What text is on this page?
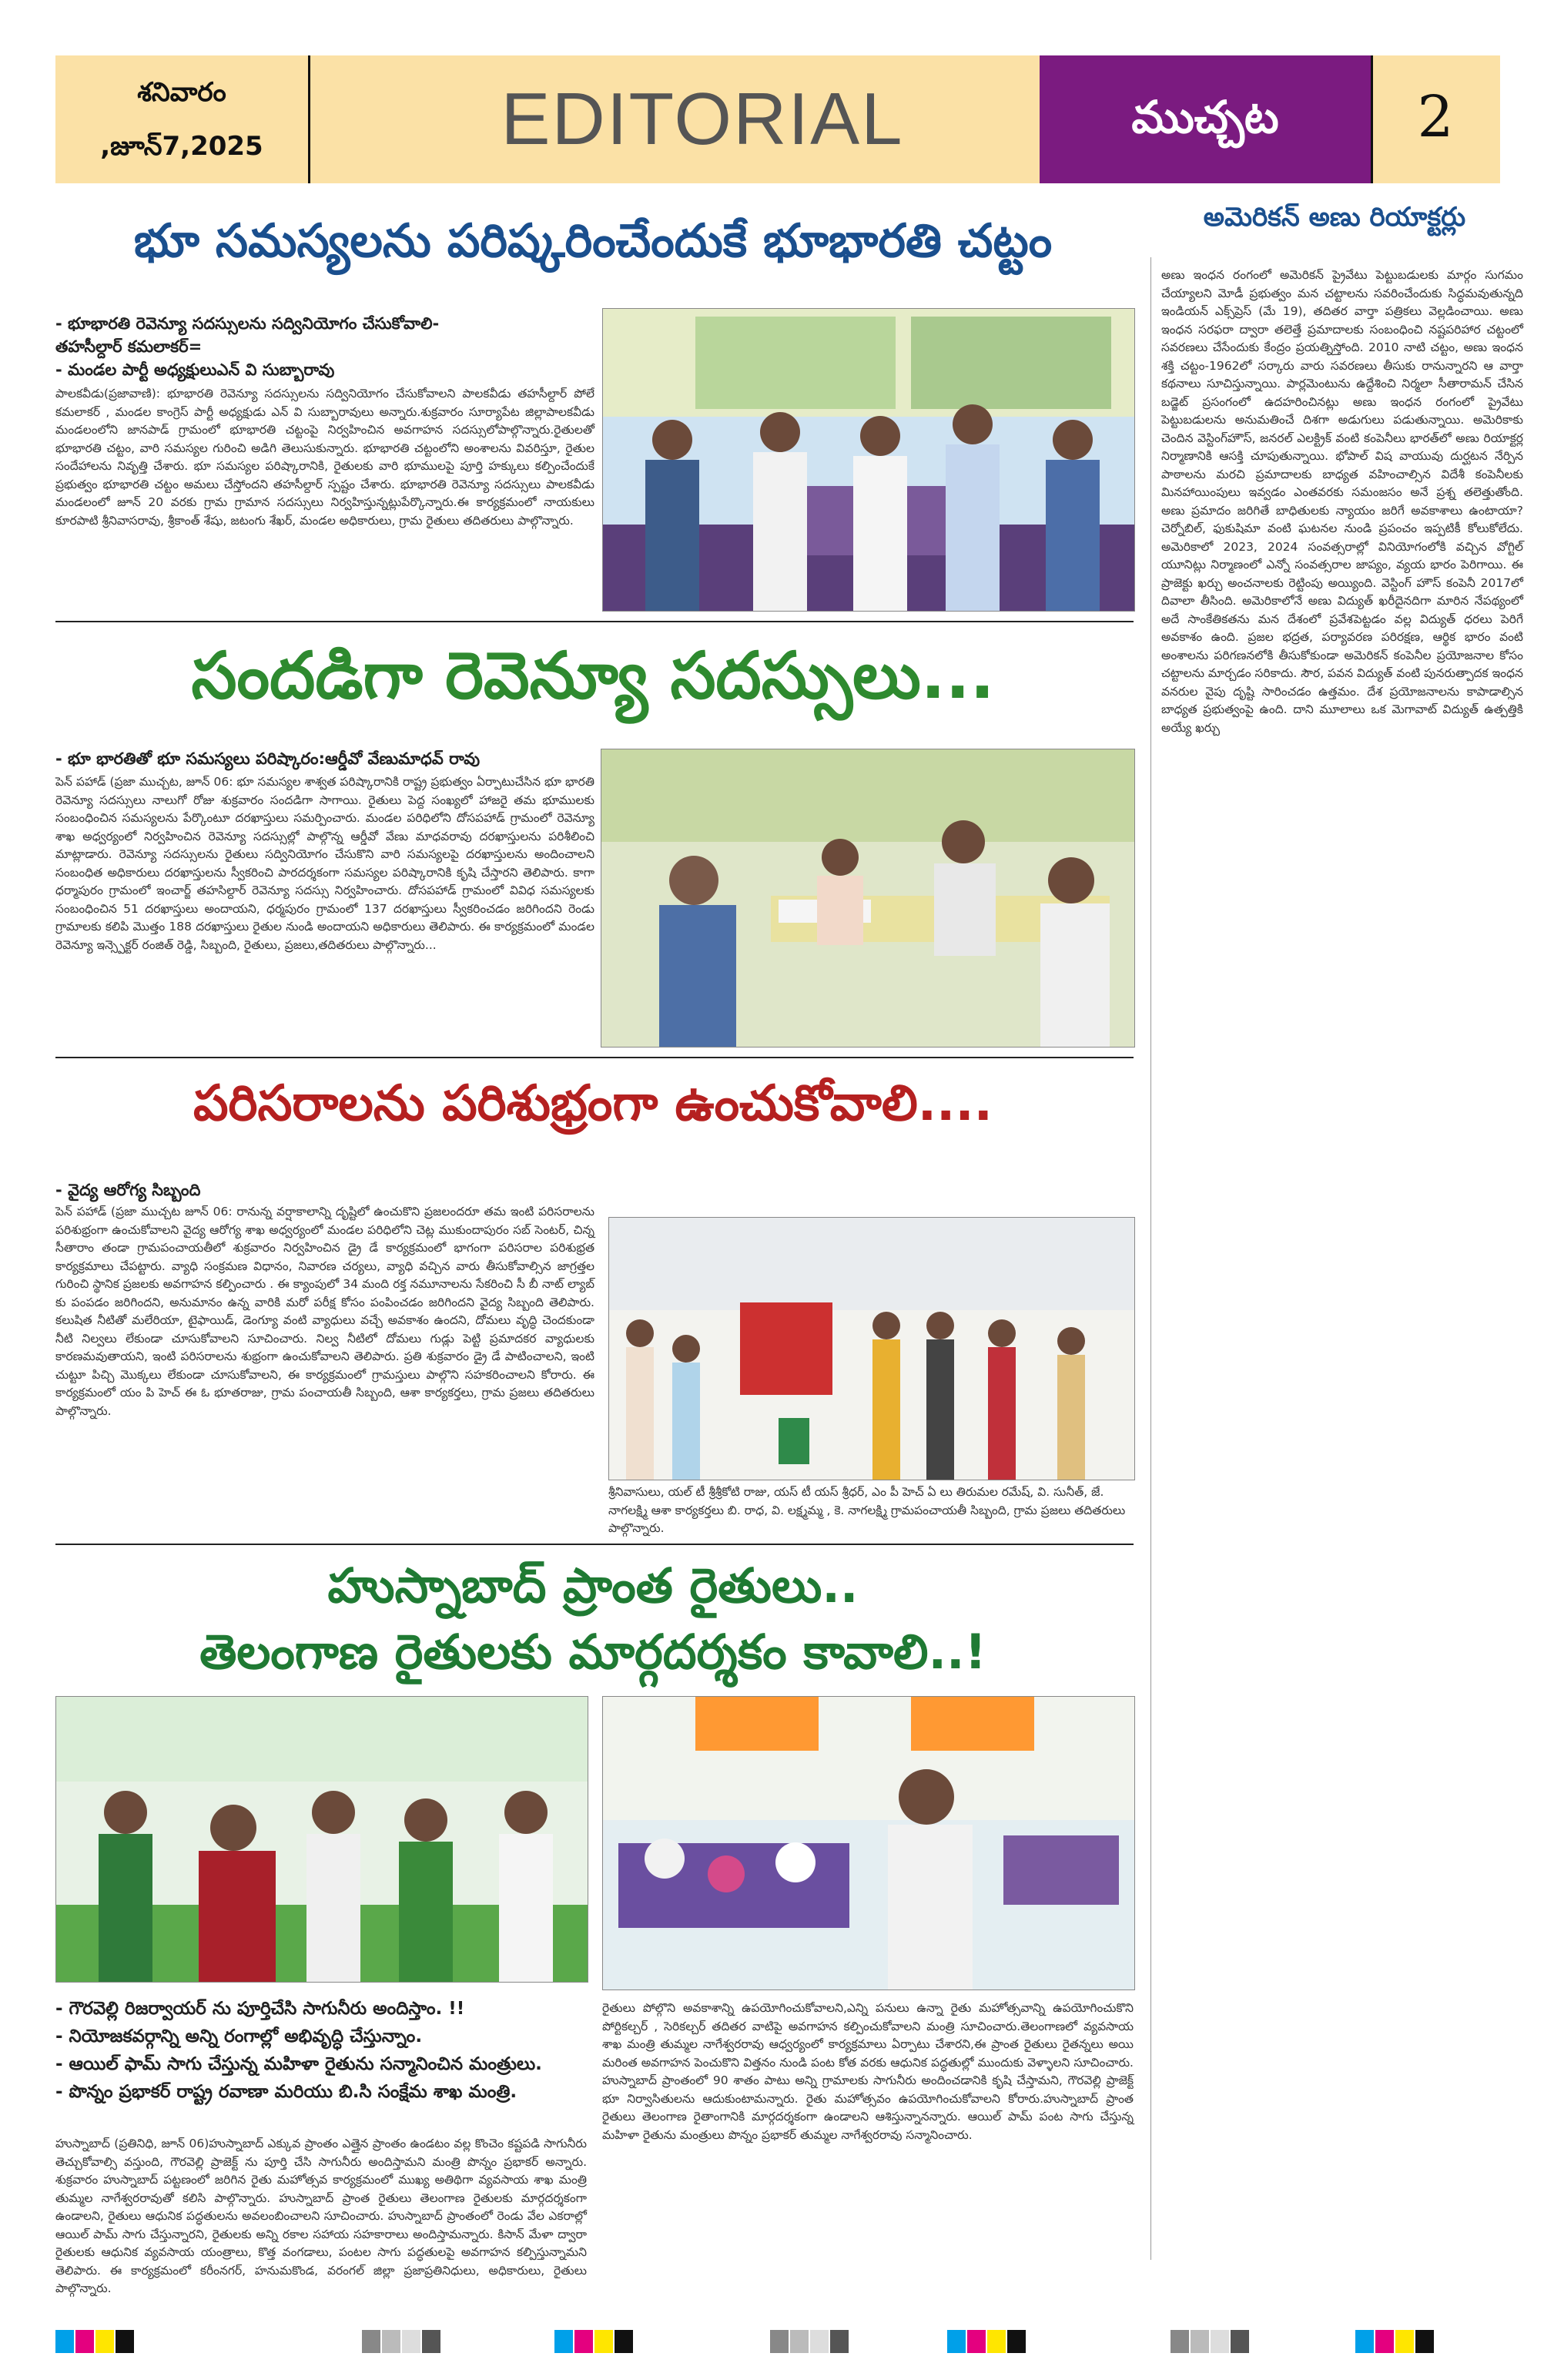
శనివారం
,జూన్7,2025	EDITORIAL	ముచ్చట	2
భూ సమస్యలను పరిష్కరించేందుకే భూభారతి చట్టం
- భూభారతి రెవెన్యూ సదస్సులను సద్వినియోగం చేసుకోవాలి-
తహసీల్దార్ కమలాకర్=
- మండల పార్టీ అధ్యక్షులుఎన్ వి సుబ్బారావు
పాలకవీడు(ప్రజావాణి): భూభారతి రెవెన్యూ సదస్సులను సద్వినియోగం చేసుకోవాలని పాలకవీడు తహసీల్దార్ పోలే కమలాకర్ , మండల కాంగ్రెస్ పార్టీ అధ్యక్షుడు ఎన్ వి సుబ్బారావులు అన్నారు.శుక్రవారం సూర్యాపేట జిల్లాపాలకవీడు మండలంలోని జానపాడ్ గ్రామంలో భూభారతి చట్టంపై నిర్వహించిన అవగాహన సదస్సులోపాల్గొన్నారు.రైతులతో భూభారతి చట్టం, వారి సమస్యల గురించి అడిగి తెలుసుకున్నారు. భూభారతి చట్టంలోని అంశాలను వివరిస్తూ, రైతుల సందేహాలను నివృత్తి చేశారు. భూ సమస్యల పరిష్కారానికి, రైతులకు వారి భూములపై పూర్తి హక్కులు కల్పించేందుకే ప్రభుత్వం భూభారతి చట్టం అమలు చేస్తోందని తహసీల్దార్ స్పష్టం చేశారు. భూభారతి రెవెన్యూ సదస్సులు పాలకవీడు మండలంలో జూన్ 20 వరకు గ్రామ గ్రామాన సదస్సులు నిర్వహిస్తున్నట్లుపేర్కొన్నారు.ఈ కార్యక్రమంలో నాయకులు కూరపాటి శ్రీనివాసరావు, శ్రీకాంత్ శేషు, జటంగు శేఖర్, మండల అధికారులు, గ్రామ రైతులు తదితరులు పాల్గొన్నారు.
సందడిగా రెవెన్యూ సదస్సులు...
- భూ భారతితో భూ సమస్యలు పరిష్కారం:ఆర్డీవో వేణుమాధవ్ రావు
పెన్ పహాడ్ (ప్రజా ముచ్చట, జూన్ 06: భూ సమస్యల శాశ్వత పరిష్కారానికి రాష్ట్ర ప్రభుత్వం ఏర్పాటుచేసిన భూ భారతి రెవెన్యూ సదస్సులు నాలుగో రోజు శుక్రవారం సందడిగా సాగాయి. రైతులు పెద్ద సంఖ్యలో హాజరై తమ భూములకు సంబంధించిన సమస్యలను పేర్కొంటూ దరఖాస్తులు సమర్పించారు. మండల పరిధిలోని దోసపహాడ్ గ్రామంలో రెవెన్యూ శాఖ అధ్వర్యంలో నిర్వహించిన రెవెన్యూ సదస్సుల్లో పాల్గొన్న ఆర్డీవో వేణు మాధవరావు దరఖాస్తులను పరిశీలించి మాట్లాడారు. రెవెన్యూ సదస్సులను రైతులు సద్వినియోగం చేసుకొని వారి సమస్యలపై దరఖాస్తులను అందించాలని సంబంధిత అధికారులు దరఖాస్తులను స్వీకరించి పారదర్శకంగా సమస్యల పరిష్కారానికి కృషి చేస్తారని తెలిపారు. కాగా ధర్మాపురం గ్రామంలో ఇంచార్జ్ తహసిల్దార్ రెవెన్యూ సదస్సు నిర్వహించారు. దోసపహాడ్ గ్రామంలో వివిధ సమస్యలకు సంబంధించిన 51 దరఖాస్తులు అందాయని, ధర్మపురం గ్రామంలో 137 దరఖాస్తులు స్వీకరించడం జరిగిందని రెండు గ్రామాలకు కలిపి మొత్తం 188 దరఖాస్తులు రైతుల నుండి అందాయని అధికారులు తెలిపారు. ఈ కార్యక్రమంలో మండల రెవెన్యూ ఇన్స్పెక్టర్ రంజిత్ రెడ్డి, సిబ్బంది, రైతులు, ప్రజలు,తదితరులు పాల్గొన్నారు...
పరిసరాలను పరిశుభ్రంగా ఉంచుకోవాలి....
- వైద్య ఆరోగ్య సిబ్బంది
పెన్ పహాడ్ (ప్రజా ముచ్చట జూన్ 06: రానున్న వర్షాకాలాన్ని దృష్టిలో ఉంచుకొని ప్రజలందరూ తమ ఇంటి పరిసరాలను పరిశుభ్రంగా ఉంచుకోవాలని వైద్య ఆరోగ్య శాఖ అధ్వర్యంలో మండల పరిధిలోని చెట్ల ముకుందాపురం సబ్ సెంటర్, చిన్న సీతారాం తండా గ్రామపంచాయతీలో శుక్రవారం నిర్వహించిన డ్రై డే కార్యక్రమంలో భాగంగా పరిసరాల పరిశుభ్రత కార్యక్రమాలు చేపట్టారు. వ్యాధి సంక్రమణ విధానం, నివారణ చర్యలు, వ్యాధి వచ్చిన వారు తీసుకోవాల్సిన జాగ్రత్తల గురించి స్థానిక ప్రజలకు అవగాహన కల్పించారు . ఈ క్యాంపులో 34 మంది రక్త నమూనాలను సేకరించి సీ బీ నాట్ ల్యాబ్ కు పంపడం జరిగిందని, అనుమానం ఉన్న వారికి మరో పరీక్ష కోసం పంపించడం జరిగిందని వైద్య సిబ్బంది తెలిపారు. కలుషిత నీటితో మలేరియా, టైఫాయిడ్, డెంగ్యూ వంటి వ్యాధులు వచ్చే అవకాశం ఉందని, దోమలు వృద్ధి చెందకుండా నీటి నిల్వలు లేకుండా చూసుకోవాలని సూచించారు. నిల్వ నీటిలో దోమలు గుడ్లు పెట్టి ప్రమాదకర వ్యాధులకు కారణమవుతాయని, ఇంటి పరిసరాలను శుభ్రంగా ఉంచుకోవాలని తెలిపారు. ప్రతి శుక్రవారం డ్రై డే పాటించాలని, ఇంటి చుట్టూ పిచ్చి మొక్కలు లేకుండా చూసుకోవాలని, ఈ కార్యక్రమంలో గ్రామస్తులు పాల్గొని సహకరించాలని కోరారు. ఈ కార్యక్రమంలో యం పి హెచ్ ఈ ఓ భూతరాజు, గ్రామ పంచాయతీ సిబ్బంది, ఆశా కార్యకర్తలు, గ్రామ ప్రజలు తదితరులు పాల్గొన్నారు.
శ్రీనివాసులు, యల్ టీ శ్రీశ్రీకోటి రాజు, యస్ టీ యస్ శ్రీధర్, ఎం పీ హెచ్ ఏ లు తిరుమల రమేష్, వి. సునీత్, జే. నాగలక్ష్మి ఆశా కార్యకర్తలు బి. రాధ, వి. లక్ష్మమ్మ , కె. నాగలక్ష్మి గ్రామపంచాయతీ సిబ్బంది, గ్రామ ప్రజలు తదితరులు పాల్గొన్నారు.
హుస్నాబాద్ ప్రాంత రైతులు..
తెలంగాణ రైతులకు మార్గదర్శకం కావాలి..!
- గౌరవెల్లి రిజర్వాయర్ ను పూర్తిచేసి సాగునీరు అందిస్తాం. !!
- నియోజకవర్గాన్ని అన్ని రంగాల్లో అభివృద్ధి చేస్తున్నాం.
- ఆయిల్ ఫామ్ సాగు చేస్తున్న మహిళా రైతును సన్మానించిన మంత్రులు.
- పొన్నం ప్రభాకర్ రాష్ట్ర రవాణా మరియు బి.సి సంక్షేమ శాఖ మంత్రి.
హుస్నాబాద్ (ప్రతినిధి, జూన్ 06)హుస్నాబాద్ ఎక్కువ ప్రాంతం ఎత్తైన ప్రాంతం ఉండటం వల్ల కొంచెం కష్టపడి సాగునీరు తెచ్చుకోవాల్సి వస్తుంది, గౌరవెల్లి ప్రాజెక్ట్ ను పూర్తి చేసి సాగునీరు అందిస్తామని మంత్రి పొన్నం ప్రభాకర్ అన్నారు. శుక్రవారం హుస్నాబాద్ పట్టణంలో జరిగిన రైతు మహోత్సవ కార్యక్రమంలో ముఖ్య అతిథిగా వ్యవసాయ శాఖ మంత్రి తుమ్మల నాగేశ్వరరావుతో కలిసి పాల్గొన్నారు. హుస్నాబాద్ ప్రాంత రైతులు తెలంగాణ రైతులకు మార్గదర్శకంగా ఉండాలని, రైతులు ఆధునిక పద్ధతులను అవలంబించాలని సూచించారు. హుస్నాబాద్ ప్రాంతంలో రెండు వేల ఎకరాల్లో ఆయిల్ పామ్ సాగు చేస్తున్నారని, రైతులకు అన్ని రకాల సహాయ సహకారాలు అందిస్తామన్నారు. కిసాన్ మేళా ద్వారా రైతులకు ఆధునిక వ్యవసాయ యంత్రాలు, కొత్త వంగడాలు, పంటల సాగు పద్ధతులపై అవగాహన కల్పిస్తున్నామని తెలిపారు. ఈ కార్యక్రమంలో కరీంనగర్, హనుమకొండ, వరంగల్ జిల్లా ప్రజాప్రతినిధులు, అధికారులు, రైతులు పాల్గొన్నారు.
రైతులు పోల్గొని అవకాశాన్ని ఉపయోగించుకోవాలని,ఎన్ని పనులు ఉన్నా రైతు మహోత్సవాన్ని ఉపయోగించుకొని పోర్టికల్చర్ , సెరికల్చర్ తదితర వాటిపై అవగాహన కల్పించుకోవాలని మంత్రి సూచించారు.తెలంగాణలో వ్యవసాయ శాఖ మంత్రి తుమ్మల నాగేశ్వరరావు ఆధ్వర్యంలో కార్యక్రమాలు ఏర్పాటు చేశారని,ఈ ప్రాంత రైతులు రైతన్నలు అయి మరింత అవగాహన పెంచుకొని విత్తనం నుండి పంట కోత వరకు ఆధునిక పద్ధతుల్లో ముందుకు వెళ్ళాలని సూచించారు. హుస్నాబాద్ ప్రాంతంలో 90 శాతం పాటు అన్ని గ్రామాలకు సాగునీరు అందించడానికి కృషి చేస్తామని, గౌరవెల్లి ప్రాజెక్ట్ భూ నిర్వాసితులను ఆదుకుంటామన్నారు. రైతు మహోత్సవం ఉపయోగించుకోవాలని కోరారు.హుస్నాబాద్ ప్రాంత రైతులు తెలంగాణ రైతాంగానికి మార్గదర్శకంగా ఉండాలని ఆశిస్తున్నానన్నారు. ఆయిల్ పామ్ పంట సాగు చేస్తున్న మహిళా రైతును మంత్రులు పొన్నం ప్రభాకర్ తుమ్మల నాగేశ్వరరావు సన్మానించారు.
అమెరికన్ అణు రియాక్టర్లు
అణు ఇంధన రంగంలో అమెరికన్ ప్రైవేటు పెట్టుబడులకు మార్గం సుగమం చేయ్యాలని మోడీ ప్రభుత్వం మన చట్టాలను సవరించేందుకు సిద్ధమవుతున్నది ఇండియన్ ఎక్స్‌ప్రెస్ (మే 19), తదితర వార్తా పత్రికలు వెల్లడించాయి. అణు ఇంధన సరఫరా ద్వారా తలెత్తే ప్రమాదాలకు సంబంధించి నష్టపరిహార చట్టంలో సవరణలు చేసేందుకు కేంద్రం ప్రయత్నిస్తోంది. 2010 నాటి చట్టం, అణు ఇంధన శక్తి చట్టం-1962లో సర్కారు వారు సవరణలు తీసుకు రానున్నారని ఆ వార్తా కథనాలు సూచిస్తున్నాయి. పార్లమెంటును ఉద్దేశించి నిర్మలా సీతారామన్ చేసిన బడ్జెట్ ప్రసంగంలో ఉదహరించినట్లు అణు ఇంధన రంగంలో ప్రైవేటు పెట్టుబడులను అనుమతించే దిశగా అడుగులు పడుతున్నాయి. అమెరికాకు చెందిన వెస్టింగ్‌హౌస్, జనరల్ ఎలక్ట్రిక్ వంటి కంపెనీలు భారత్‌లో అణు రియాక్టర్ల నిర్మాణానికి ఆసక్తి చూపుతున్నాయి. భోపాల్ విష వాయువు దుర్ఘటన నేర్పిన పాఠాలను మరచి ప్రమాదాలకు బాధ్యత వహించాల్సిన విదేశీ కంపెనీలకు మినహాయింపులు ఇవ్వడం ఎంతవరకు సమంజసం అనే ప్రశ్న తలెత్తుతోంది. అణు ప్రమాదం జరిగితే బాధితులకు న్యాయం జరిగే అవకాశాలు ఉంటాయా? చెర్నోబిల్, ఫుకుషిమా వంటి ఘటనల నుండి ప్రపంచం ఇప్పటికీ కోలుకోలేదు. అమెరికాలో 2023, 2024 సంవత్సరాల్లో వినియోగంలోకి వచ్చిన వోగ్టిల్ యూనిట్లు నిర్మాణంలో ఎన్నో సంవత్సరాల జాప్యం, వ్యయ భారం పెరిగాయి. ఈ ప్రాజెక్టు ఖర్చు అంచనాలకు రెట్టింపు అయ్యింది. వెస్టింగ్ హౌస్ కంపెనీ 2017లో దివాలా తీసింది. అమెరికాలోనే అణు విద్యుత్ ఖరీదైనదిగా మారిన నేపథ్యంలో అదే సాంకేతికతను మన దేశంలో ప్రవేశపెట్టడం వల్ల విద్యుత్ ధరలు పెరిగే అవకాశం ఉంది. ప్రజల భద్రత, పర్యావరణ పరిరక్షణ, ఆర్థిక భారం వంటి అంశాలను పరిగణనలోకి తీసుకోకుండా అమెరికన్ కంపెనీల ప్రయోజనాల కోసం చట్టాలను మార్చడం సరికాదు. సౌర, పవన విద్యుత్ వంటి పునరుత్పాదక ఇంధన వనరుల వైపు దృష్టి సారించడం ఉత్తమం. దేశ ప్రయోజనాలను కాపాడాల్సిన బాధ్యత ప్రభుత్వంపై ఉంది. దాని మూలాలు ఒక మెగావాట్ విద్యుత్ ఉత్పత్తికి అయ్యే ఖర్చు
